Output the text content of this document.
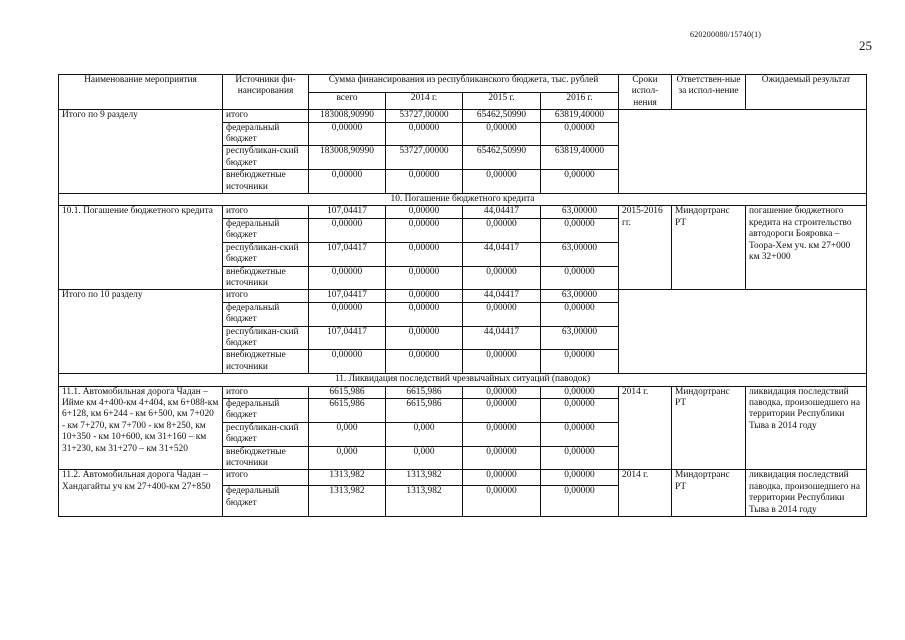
620200080/15740(1)
25
Наименование мероприятия	Источники фи-нансирования	Сумма финансирования из республиканского бюджета, тыс. рублей				Сроки испол-нения	Ответствен-ные за испол-нение	Ожидаемый результат
		всего	2014 г.	2015 г.	2016 г.			
Итого по 9 разделу	итого	183008,90990	53727,00000	65462,50990	63819,40000			
	федеральный бюджет	0,00000	0,00000	0,00000	0,00000			
	республикан-ский бюджет	183008,90990	53727,00000	65462,50990	63819,40000			
	внебюджетные источники	0,00000	0,00000	0,00000	0,00000			
10. Погашение бюджетного кредита								
10.1. Погашение бюджетного кредита	итого	107,04417	0,00000	44,04417	63,00000	2015-2016 гг.	Миндортранс РТ	погашение бюджетного кредита на строительство автодороги Бояровка – Тоора-Хем уч. км 27+000 км 32+000
	федеральный бюджет	0,00000	0,00000	0,00000	0,00000			
	республикан-ский бюджет	107,04417	0,00000	44,04417	63,00000			
	внебюджетные источники	0,00000	0,00000	0,00000	0,00000			
Итого по 10 разделу	итого	107,04417	0,00000	44,04417	63,00000			
	федеральный бюджет	0,00000	0,00000	0,00000	0,00000			
	республикан-ский бюджет	107,04417	0,00000	44,04417	63,00000			
	внебюджетные источники	0,00000	0,00000	0,00000	0,00000			
11. Ликвидация последствий чрезвычайных ситуаций (паводок)								
11.1. Автомобильная дорога Чадан – Ийме км 4+400-км 4+404, км 6+088-км 6+128, км 6+244 - км 6+500, км 7+020 - км 7+270, км 7+700 - км 8+250, км 10+350 - км 10+600, км 31+160 – км 31+230, км 31+270 – км 31+520	итого	6615,986	6615,986	0,00000	0,00000	2014 г.	Миндортранс РТ	ликвидация последствий паводка, произошедшего на территории Республики Тыва в 2014 году
	федеральный бюджет	6615,986	6615,986	0,00000	0,00000			
	республикан-ский бюджет	0,000	0,000	0,00000	0,00000			
	внебюджетные источники	0,000	0,000	0,00000	0,00000			
11.2. Автомобильная дорога Чадан – Хандагайты уч км 27+400-км 27+850	итого	1313,982	1313,982	0,00000	0,00000	2014 г.	Миндортранс РТ	ликвидация последствий паводка, произошедшего на территории Республики Тыва в 2014 году
	федеральный бюджет	1313,982	1313,982	0,00000	0,00000			
